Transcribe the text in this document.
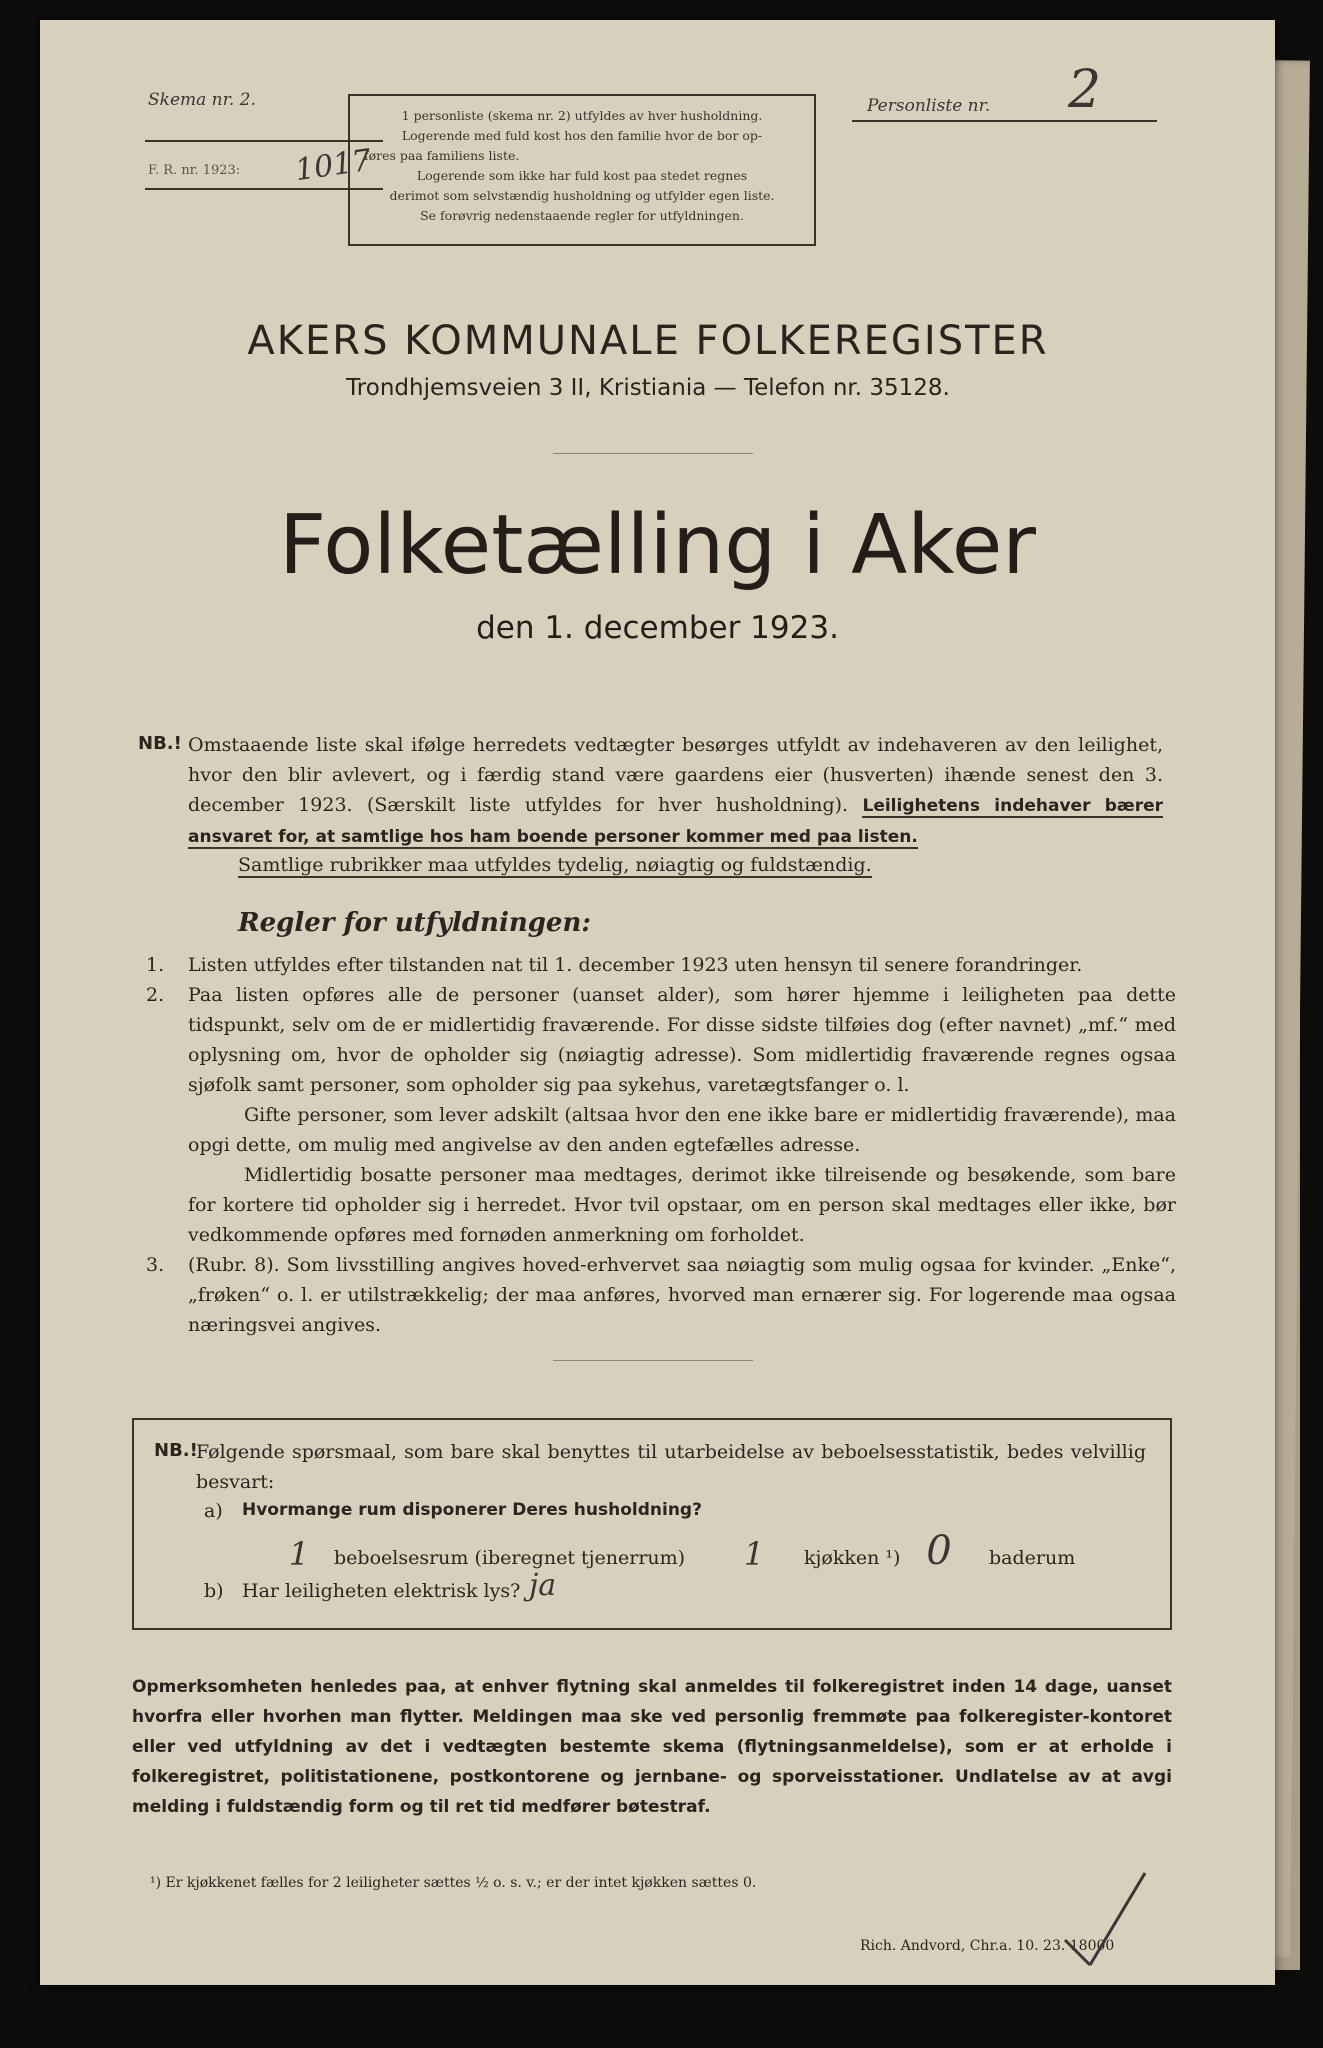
Skema nr. 2.
F. R. nr. 1923: 1017
1 personliste (skema nr. 2) utfyldes av hver husholdning.
Logerende med fuld kost hos den familie hvor de bor op-
føres paa familiens liste.
Logerende som ikke har fuld kost paa stedet regnes
derimot som selvstændig husholdning og utfylder egen liste.
Se forøvrig nedenstaaende regler for utfyldningen.
Personliste nr. 2
AKERS KOMMUNALE FOLKEREGISTER
Trondhjemsveien 3 II, Kristiania — Telefon nr. 35128.
Folketælling i Aker
den 1. december 1923.
NB.! Omstaaende liste skal ifølge herredets vedtægter besørges utfyldt av indehaveren av den leilighet, hvor den blir avlevert, og i færdig stand være gaardens eier (husverten) ihænde senest den 3. december 1923. (Særskilt liste utfyldes for hver husholdning). Leilighetens indehaver bærer ansvaret for, at samtlige hos ham boende personer kommer med paa listen.
Samtlige rubrikker maa utfyldes tydelig, nøiagtig og fuldstændig.
Regler for utfyldningen:
1.	Listen utfyldes efter tilstanden nat til 1. december 1923 uten hensyn til senere forandringer.
2.	Paa listen opføres alle de personer (uanset alder), som hører hjemme i leiligheten paa dette tidspunkt, selv om de er midlertidig fraværende. For disse sidste tilføies dog (efter navnet) „mf.“ med oplysning om, hvor de opholder sig (nøiagtig adresse). Som midlertidig fraværende regnes ogsaa sjøfolk samt personer, som opholder sig paa sykehus, varetægtsfanger o. l.
Gifte personer, som lever adskilt (altsaa hvor den ene ikke bare er midlertidig fraværende), maa opgi dette, om mulig med angivelse av den anden egtefælles adresse.
Midlertidig bosatte personer maa medtages, derimot ikke tilreisende og besøkende, som bare for kortere tid opholder sig i herredet. Hvor tvil opstaar, om en person skal medtages eller ikke, bør vedkommende opføres med fornøden anmerkning om forholdet.
3.	(Rubr. 8). Som livsstilling angives hoved-erhvervet saa nøiagtig som mulig ogsaa for kvinder. „Enke“, „frøken“ o. l. er utilstrækkelig; der maa anføres, hvorved man ernærer sig. For logerende maa ogsaa næringsvei angives.
NB.!
Følgende spørsmaal, som bare skal benyttes til utarbeidelse av beboelsesstatistik, bedes velvillig besvart:
a) Hvormange rum disponerer Deres husholdning?
1	beboelsesrum (iberegnet tjenerrum)	1	kjøkken ¹) 0	baderum
b) Har leiligheten elektrisk lys? ja
Opmerksomheten henledes paa, at enhver flytning skal anmeldes til folkeregistret inden 14 dage, uanset hvorfra eller hvorhen man flytter. Meldingen maa ske ved personlig fremmøte paa folkeregister-kontoret eller ved utfyldning av det i vedtægten bestemte skema (flytningsanmeldelse), som er at erholde i folkeregistret, politistationene, postkontorene og jernbane- og sporveisstationer. Undlatelse av at avgi melding i fuldstændig form og til ret tid medfører bøtestraf.
¹) Er kjøkkenet fælles for 2 leiligheter sættes ½ o. s. v.; er der intet kjøkken sættes 0.
Rich. Andvord, Chr.a. 10. 23. 18000
